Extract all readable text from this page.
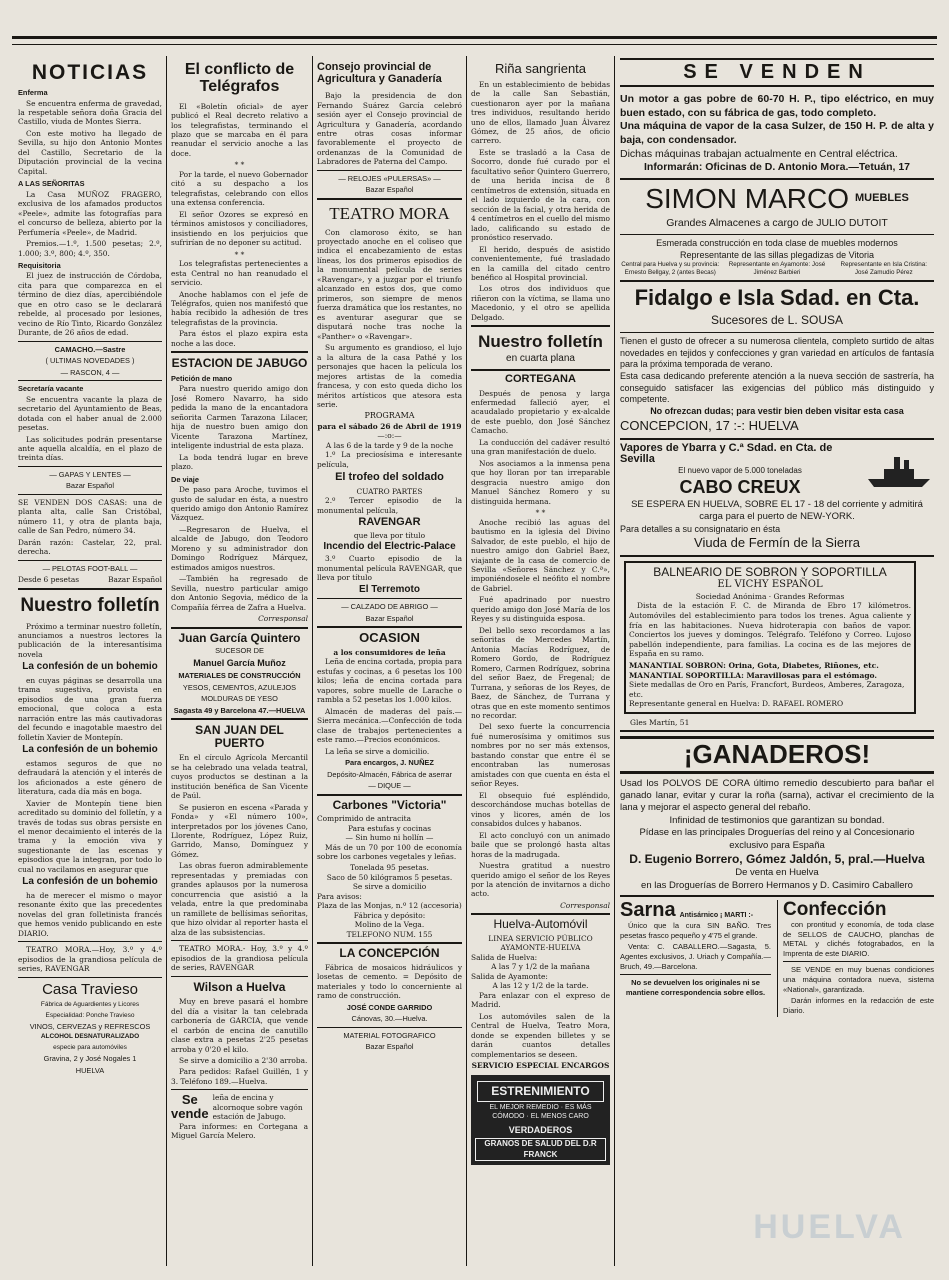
NOTICIAS
Enferma

Se encuentra enferma de gravedad, la respetable señora doña Gracia del Castillo, viuda de Montes Sierra.

Con este motivo ha llegado de Sevilla, su hijo don Antonio Montes del Castillo, Secretario de la Diputación provincial de la vecina Capital.

A LAS SEÑORITAS

La Casa MUÑOZ FRAGERO, exclusiva de los afamados productos «Peele», admite las fotografías para el concurso de belleza, abierto por la Perfumería «Peele», de Madrid.

Premios.—1.º, 1.500 pesetas; 2.º, 1.000; 3.º, 800; 4.º, 350.

Requisitoria

El juez de instrucción de Córdoba, cita para que comparezca en el término de diez días, apercibiéndole que en otro caso se le declarará rebelde, al procesado por lesiones, vecino de Río Tinto, Ricardo González Durante, de 26 años de edad.

CAMACHO.—Sastre
( ULTIMAS NOVEDADES )
— RASCON, 4 —
Secretaría vacante

Se encuentra vacante la plaza de secretario del Ayuntamiento de Beas, dotada con el haber anual de 2.000 pesetas.

Las solicitudes podrán presentarse ante aquella alcaldía, en el plazo de treinta días.

— GAPAS Y LENTES —
Bazar Español

SE VENDEN DOS CASAS: una de planta alta, calle San Cristóbal, número 11, y otra de planta baja, calle de San Pedro, número 34.

Darán razón: Castelar, 22, pral. derecha.

— PELOTAS FOOT-BALL —
Desde 6 pesetas	Bazar Español
Nuestro folletín

Próximo a terminar nuestro folletín, anunciamos a nuestros lectores la publicación de la interesantísima novela

La confesión de un bohemio

en cuyas páginas se desarrolla una trama sugestiva, provista en episodios de una gran fuerza emocional, que coloca a esta narración entre las más cautivadoras del fecundo e inagotable maestro del folletín Xavier de Montepín.

La confesión de un bohemio

estamos seguros de que no defraudará la atención y el interés de los aficionados a este género de literatura, cada día más en boga.

Xavier de Montepín tiene bien acreditado su dominio del folletín, y a través de todas sus obras persiste en el menor decaimiento el interés de la trama y la emoción viva y sugestionante de las escenas y episodios que la integran, por todo lo cual no vacilamos en asegurar que

La confesión de un bohemio

ha de merecer el mismo o mayor resonante éxito que las precedentes novelas del gran folletinista francés que hemos venido publicando en este DIARIO.

TEATRO MORA.—Hoy, 3.º y 4.º episodios de la grandiosa película de series, RAVENGAR

Casa Travieso
Fábrica de Aguardientes y Licores
Especialidad: Ponche Travieso
VINOS, CERVEZAS y REFRESCOS
ALCOHOL DESNATURALIZADO
especie para automóviles
Gravina, 2 y José Nogales 1
HUELVA
El conflicto de Telégrafos

El «Boletín oficial» de ayer publicó el Real decreto relativo a los telegrafistas, terminando el plazo que se marcaba en él para reanudar el servicio anoche a las doce.

* *

Por la tarde, el nuevo Gobernador citó a su despacho a los telegrafistas, celebrando con ellos una extensa conferencia.

El señor Ozores se expresó en términos amistosos y conciliadores, insistiendo en los perjuicios que sufrirían de no deponer su actitud.

* *

Los telegrafistas pertenecientes a esta Central no han reanudado el servicio.

Anoche hablamos con el jefe de Telégrafos, quien nos manifestó que había recibido la adhesión de tres telegrafistas de la provincia.

Para éstos el plazo expira esta noche a las doce.

ESTACION DE JABUGO
Petición de mano

Para nuestro querido amigo don José Romero Navarro, ha sido pedida la mano de la encantadora señorita Carmen Tarazona Lilacer, hija de nuestro buen amigo don Vicente Tarazona Martínez, inteligente industrial de esta plaza.

La boda tendrá lugar en breve plazo.

De viaje

De paso para Aroche, tuvimos el gusto de saludar en ésta, a nuestro querido amigo don Antonio Ramírez Vázquez.

—Regresaron de Huelva, el alcalde de Jabugo, don Teodoro Moreno y su administrador don Domingo Rodríguez Márquez, estimados amigos nuestros.

—También ha regresado de Sevilla, nuestro particular amigo don Antonio Segovia, médico de la Compañía férrea de Zafra a Huelva.

Corresponsal
Juan García Quintero
SUCESOR DE
Manuel García Muñoz
MATERIALES DE CONSTRUCCIÓN
YESOS, CEMENTOS, AZULEJOS
MOLDURAS DE YESO
Sagasta 49 y Barcelona 47.—HUELVA
SAN JUAN DEL PUERTO

En el círculo Agrícola Mercantil se ha celebrado una velada teatral, cuyos productos se destinan a la institución benéfica de San Vicente de Paúl.

Se pusieron en escena «Parada y Fonda» y «El número 100», interpretados por los jóvenes Cano, Llorente, Rodríguez, López Ruiz, Garrido, Manso, Domínguez y Gómez.

Las obras fueron admirablemente representadas y premiadas con grandes aplausos por la numerosa concurrencia que asistió a la velada, entre la que predominaba un ramillete de bellísimas señoritas, que hizo olvidar al reporter hasta el alza de las subsistencias.

TEATRO MORA.- Hoy, 3.º y 4.º episodios de la grandiosa película de series, RAVENGAR

Wilson a Huelva

Muy en breve pasará el hombre del día a visitar la tan celebrada carbonería de GARCIA, que vende el carbón de encina de canutillo clase extra a pesetas 2'25 pesetas arroba y 0'20 el kilo.

Se sirve a domicilio a 2'30 arroba.

Para pedidos: Rafael Guillén, 1 y 3. Teléfono 189.—Huelva.

Se vende
leña de encina y alcornoque sobre vagón estación de Jabugo.

Para informes: en Cortegana a Miguel García Melero.

Consejo provincial de Agricultura y Ganadería

Bajo la presidencia de don Fernando Suárez García celebró sesión ayer el Consejo provincial de Agricultura y Ganadería, acordando entre otras cosas informar favorablemente el proyecto de ordenanzas de la Comunidad de Labradores de Paterna del Campo.

— RELOJES «PULERSAS» —
Bazar Español
TEATRO MORA

Con clamoroso éxito, se han proyectado anoche en el coliseo que indica el encabezamiento de estas líneas, los dos primeros episodios de la monumental película de series «Ravengar», y a juzgar por el triunfo alcanzado en estos dos, que como primeros, son siempre de menos fuerza dramática que los restantes, no es aventurar asegurar que se disputará noche tras noche la «Panther» o «Ravengar».

Su argumento es grandioso, el lujo a la altura de la casa Pathé y los personajes que hacen la película los mejores artistas de la comedia francesa, y con esto queda dicho los méritos artísticos que atesora esta serie.

PROGRAMA
para el sábado 26 de Abril de 1919
—:o:—
A las 6 de la tarde y 9 de la noche

1.º La preciosísima e interesante película,

El trofeo del soldado
CUATRO PARTES

2.º Tercer episodio de la monumental película,

RAVENGAR
que lleva por título
Incendio del Electric-Palace

3.º Cuarto episodio de la monumental película RAVENGAR, que lleva por título

El Terremoto
— CALZADO DE ABRIGO —
Bazar Español
OCASION
a los consumidores de leña

Leña de encina cortada, propia para estufas y cocinas, a 6 pesetas los 100 kilos; leña de encina cortada para vapores, sobre muelle de Larache o rambla a 52 pesetas los 1.000 kilos.

Almacén de maderas del país.—Sierra mecánica.—Confección de toda clase de trabajos pertenecientes a este ramo.—Precios económicos.

La leña se sirve a domicilio.

Para encargos, J. NUÑEZ
Depósito-Almacén, Fábrica de aserrar
— DIQUE —
Carbones "Victoria"
Comprimido de antracita
Para estufas y cocinas
— Sin humo ni hollín —

Más de un 70 por 100 de economía sobre los carbones vegetales y leñas.

Tonelada 95 pesetas.
Saco de 50 kilógramos 5 pesetas.
Se sirve a domicilio
Para avisos:
Plaza de las Monjas, n.º 12 (accesoria)
Fábrica y depósito:
Molino de la Vega.
TELEFONO NUM. 155
LA CONCEPCIÓN

Fábrica de mosaicos hidráulicos y losetas de cemento. = Depósito de materiales y todo lo concerniente al ramo de construcción.

JOSÉ CONDE GARRIDO
Cánovas, 30.—Huelva.
MATERIAL FOTOGRAFICO
Bazar Español
Riña sangrienta

En un establecimiento de bebidas de la calle San Sebastián, cuestionaron ayer por la mañana tres individuos, resultando herido uno de ellos, llamado Juan Álvarez Gómez, de 25 años, de oficio carrero.

Este se trasladó a la Casa de Socorro, donde fué curado por el facultativo señor Quintero Guerrero, de una herida incisa de 8 centímetros de extensión, situada en el lado izquierdo de la cara, con sección de la facial, y otra herida de 4 centímetros en el cuello del mismo lado, calificando su estado de pronóstico reservado.

El herido, después de asistido convenientemente, fué trasladado en la camilla del citado centro benéfico al Hospital provincial.

Los otros dos individuos que riñeron con la víctima, se llama uno Macedonio, y el otro se apellida Delgado.

Nuestro folletín
en cuarta plana
CORTEGANA

Después de penosa y larga enfermedad falleció ayer, el acaudalado propietario y ex-alcalde de este pueblo, don José Sánchez Camacho.

La conducción del cadáver resultó una gran manifestación de duelo.

Nos asociamos a la inmensa pena que hoy lloran por tan irreparable desgracia nuestro amigo don Manuel Sánchez Romero y su distinguida hermana.

* *

Anoche recibió las aguas del bautismo en la iglesia del Divino Salvador, de este pueblo, el hijo de nuestro amigo don Gabriel Baez, viajante de la casa de comercio de Sevilla «Señores Sánchez y C.ª», imponiéndosele el neófito el nombre de Gabriel.

Fué apadrinado por nuestro querido amigo don José María de los Reyes y su distinguida esposa.

Del bello sexo recordamos a las señoritas de Mercedes Martín, Antonia Macías Rodríguez, de Romero Gordo, de Rodríguez Romero, Carmen Rodríguez, sobrina del señor Baez, de Fregenal; de Turrana, y señoras de los Reyes, de Baez, de Sánchez, de Turrana y otras que en este momento sentimos no recordar.

Del sexo fuerte la concurrencia fué numerosísima y omitimos sus nombres por no ser más extensos, bastando constar que entre él se encontraban las numerosas amistades con que cuenta en ésta el señor Reyes.

El obsequio fué espléndido, descorchándose muchas botellas de vinos y licores, amén de los consabidos dulces y habanos.

El acto concluyó con un animado baile que se prolongó hasta altas horas de la madrugada.

Nuestra gratitud a nuestro querido amigo el señor de los Reyes por la atención de invitarnos a dicho acto.

Corresponsal
Huelva-Automóvil
LINEA SERVICIO PÚBLICO
AYAMONTE-HUELVA
Salida de Huelva:
A las 7 y 1/2 de la mañana
Salida de Ayamonte:
A las 12 y 1/2 de la tarde.

Para enlazar con el expreso de Madrid.

Los automóviles salen de la Central de Huelva, Teatro Mora, donde se expenden billetes y se darán cuantos detalles complementarios se deseen.

SERVICIO ESPECIAL ENCARGOS
ESTRENIMIENTO
EL MEJOR REMEDIO · ES MÁS CÓMODO · EL MENOS CARO
VERDADEROS
GRANOS DE SALUD DEL D.R FRANCK
SE VENDEN
Un motor a gas pobre de 60-70 H. P., tipo eléctrico, en muy buen estado, con su fábrica de gas, todo completo.
Una máquina de vapor de la casa Sulzer, de 150 H. P. de alta y baja, con condensador.
Dichas máquinas trabajan actualmente en Central eléctrica.
Informarán: Oficinas de D. Antonio Mora.—Tetuán, 17
SIMON MARCO MUEBLES
Grandes Almacenes a cargo de JULIO DUTOIT
Esmerada construcción en toda clase de muebles modernos
Representante de las sillas plegadizas de Vitoria
Central para Huelva y su provincia: Ernesto Bellgay, 2 (antes Becas)
Representante en Ayamonte: José Jiménez Barbieri
Representante en Isla Cristina: José Zamudio Pérez
Fidalgo e Isla Sdad. en Cta.
Sucesores de L. SOUSA
Tienen el gusto de ofrecer a su numerosa clientela, completo surtido de altas novedades en tejidos y confecciones y gran variedad en artículos de fantasía para la próxima temporada de verano.
Esta casa dedicando preferente atención a la nueva sección de sastrería, ha conseguido satisfacer las exigencias del público más distinguido y competente.
No ofrezcan dudas; para vestir bien deben visitar esta casa
CONCEPCION, 17 :-: HUELVA
Vapores de Ybarra y C.ª Sdad. en Cta. de Sevilla
El nuevo vapor de 5.000 toneladas
CABO CREUX
SE ESPERA EN HUELVA, SOBRE EL 17 - 18 del corriente y admitirá carga para el puerto de NEW-YORK.
Para detalles a su consignatario en ésta
Viuda de Fermín de la Sierra
BALNEARIO DE SOBRON Y SOPORTILLA
EL VICHY ESPAÑOL
Sociedad Anónima · Grandes Reformas

Dista de la estación F. C. de Miranda de Ebro 17 kilómetros. Automóviles del establecimiento para todos los trenes. Agua caliente y fría en las habitaciones. Nueva hidroterapia con baños de vapor. Conciertos los jueves y domingos. Telégrafo. Teléfono y Correo. Lujoso pabellón independiente, para familias. La cocina es de las mejores de España en su ramo.

MANANTIAL SOBRON: Orina, Gota, Diabetes, Riñones, etc.
MANANTIAL SOPORTILLA: Maravillosas para el estómago.
Siete medallas de Oro en París, Francfort, Burdeos, Amberes, Zaragoza, etc.
Representante general en Huelva: D. RAFAEL ROMERO
Gles Martín, 51
¡GANADEROS!
Usad los POLVOS DE CORA último remedio descubierto para bañar el ganado lanar, evitar y curar la roña (sarna), activar el crecimiento de la lana y mejorar el aspecto general del rebaño.
Infinidad de testimonios que garantizan su bondad.
Pídase en las principales Droguerías del reino y al Concesionario exclusivo para España
D. Eugenio Borrero, Gómez Jaldón, 5, pral.—Huelva
De venta en Huelva
en las Droguerías de Borrero Hermanos y D. Casimiro Caballero
Sarna Antisárnico ¡ MARTI :-

Único que la cura SIN BAÑO. Tres pesetas frasco pequeño y 4'75 el grande.

Venta: C. CABALLERO.—Sagasta, 5. Agentes exclusivos, J. Uriach y Compañía.—Bruch, 49.—Barcelona.

No se devuelven los originales ni se mantiene correspondencia sobre ellos.
Confección

con prontitud y economía, de toda clase de SELLOS de CAUCHO, planchas de METAL y clichés fotograbados, en la Imprenta de este DIARIO.

SE VENDE en muy buenas condiciones una máquina contadora nueva, sistema «National», garantizada.

Darán informes en la redacción de este Diario.

HUELVA
